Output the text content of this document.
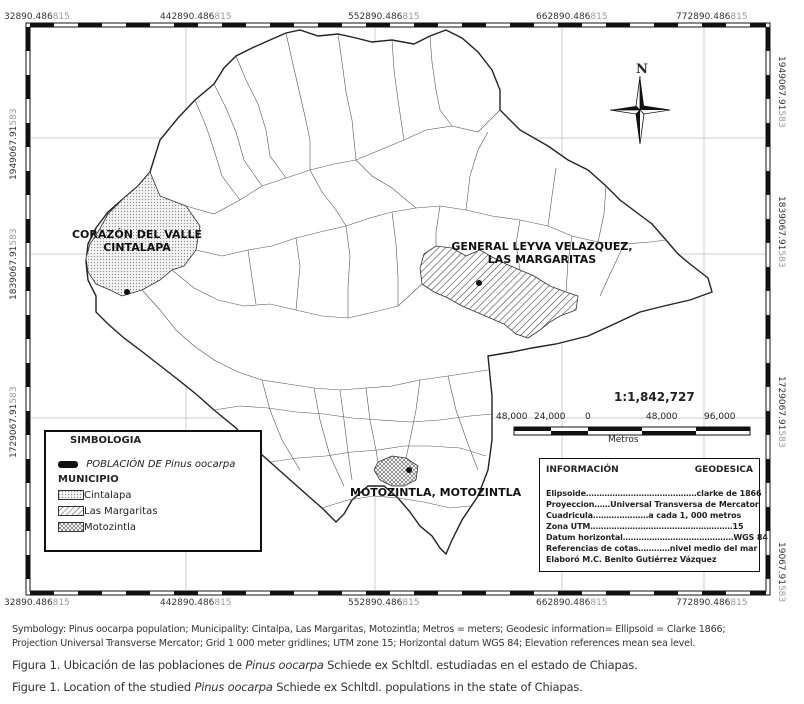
32890.486815	442890.486815	552890.486815	662890.486815	772890.486815
32890.486815	442890.486815	552890.486815	662890.486815	772890.486815
1949067.91583
1839067.91583
1729067.91583
1949067.91583
1839067.91583
1729067.91583
19067.91583
N
CORAZÓN DEL VALLE
CINTALAPA	GENERAL LEYVA VELAZQUEZ,
LAS MARGARITAS
MOTOZINTLA, MOTOZINTLA
1:1,842,727
48,000 24,000 0	48,000	96,000
Metros
SIMBOLOGIA
POBLACIÓN DE Pinus oocarpa
MUNICIPIO
Cintalapa
Las Margaritas
Motozintla
INFORMACIÓN	GEODESICA
Elipsoide……………………………………clarke de 1866
Proyeccion……Universal Transversa de Mercator
Cuadricula…………………a cada 1, 000 metros
Zona UTM………………………………………………15
Datum horizontal……………………………………WGS 84
Referencias de cotas…………nivel medio del mar
Elaboró M.C. Benito Gutiérrez Vázquez
Symbology: Pinus oocarpa population; Municipality: Cintalpa, Las Margaritas, Motozintla; Metros = meters; Geodesic information= Ellipsoid = Clarke 1866;
Projection Universal Transverse Mercator; Grid 1 000 meter gridlines; UTM zone 15; Horizontal datum WGS 84; Elevation references mean sea level.
Figura 1. Ubicación de las poblaciones de Pinus oocarpa Schiede ex Schltdl. estudiadas en el estado de Chiapas.
Figure 1. Location of the studied Pinus oocarpa Schiede ex Schltdl. populations in the state of Chiapas.
